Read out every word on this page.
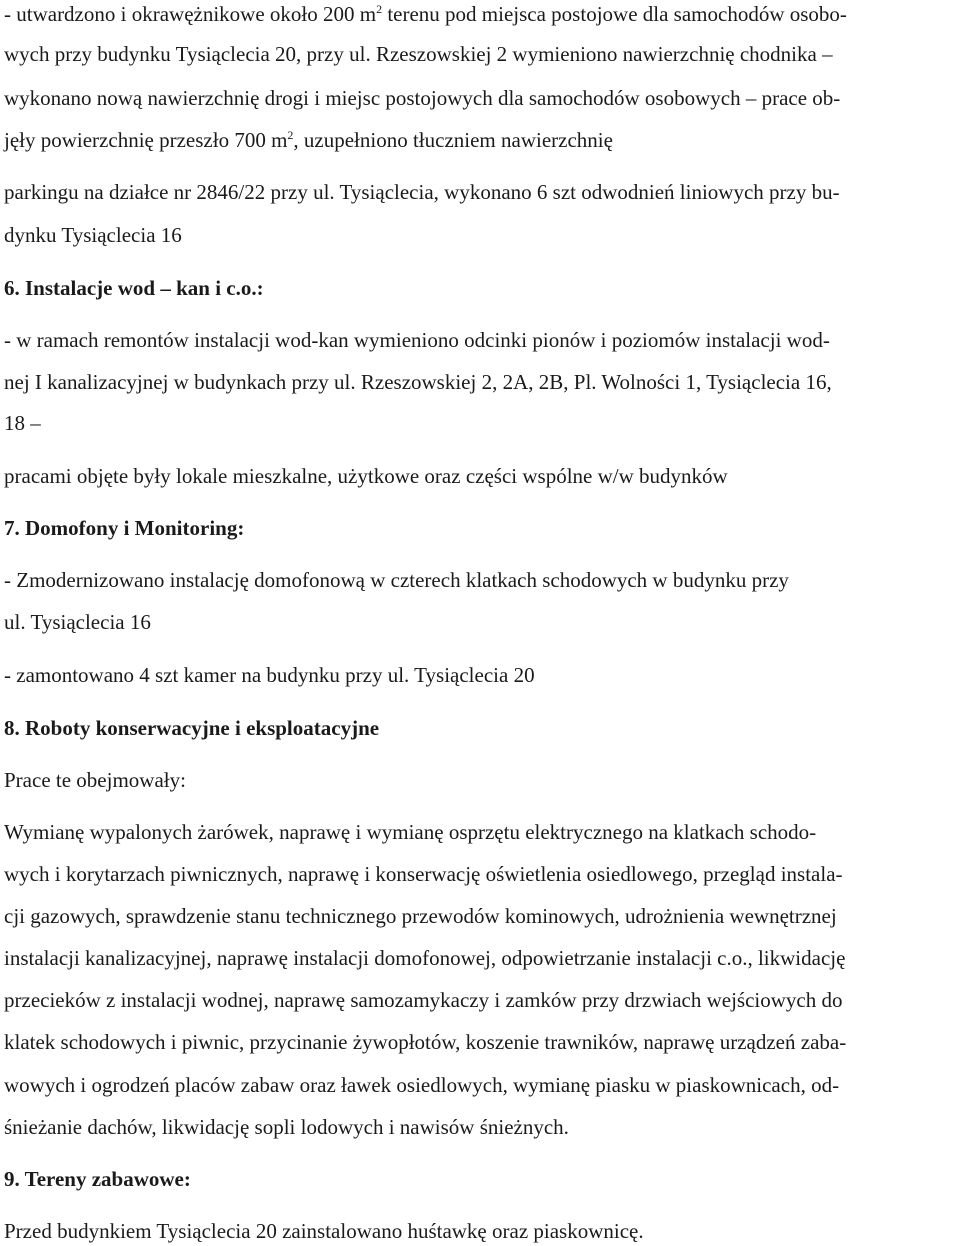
- utwardzono i okrawężnikowe około 200 $m^2$ terenu pod miejsca postojowe dla samochodów osobo-
wych przy budynku Tysiąclecia 20, przy ul. Rzeszowskiej 2 wymieniono nawierzchnię chodnika –
wykonano nową nawierzchnię drogi i miejsc postojowych dla samochodów osobowych – prace ob-
jęły powierzchnię przeszło 700 $m^2$, uzupełniono tłuczniem nawierzchnię
parkingu na działce nr 2846/22 przy ul. Tysiąclecia, wykonano 6 szt odwodnień liniowych przy bu-
dynku Tysiąclecia 16
6. Instalacje wod – kan i c.o.:
- w ramach remontów instalacji wod-kan wymieniono odcinki pionów i poziomów instalacji wod-
nej I kanalizacyjnej w budynkach przy ul. Rzeszowskiej 2, 2A, 2B, Pl. Wolności 1, Tysiąclecia 16,
18 –
pracami objęte były lokale mieszkalne, użytkowe oraz części wspólne w/w budynków
7. Domofony i Monitoring:
- Zmodernizowano instalację domofonową w czterech klatkach schodowych w budynku przy
ul. Tysiąclecia 16
- zamontowano 4 szt kamer na budynku przy ul. Tysiąclecia 20
8. Roboty konserwacyjne i eksploatacyjne
Prace te obejmowały:
Wymianę wypalonych żarówek, naprawę i wymianę osprzętu elektrycznego na klatkach schodo-
wych i korytarzach piwnicznych, naprawę i konserwację oświetlenia osiedlowego, przegląd instala-
cji gazowych, sprawdzenie stanu technicznego przewodów kominowych, udrożnienia wewnętrznej
instalacji kanalizacyjnej, naprawę instalacji domofonowej, odpowietrzanie instalacji c.o., likwidację
przecieków z instalacji wodnej, naprawę samozamykaczy i zamków przy drzwiach wejściowych do
klatek schodowych i piwnic, przycinanie żywopłotów, koszenie trawników, naprawę urządzeń zaba-
wowych i ogrodzeń placów zabaw oraz ławek osiedlowych, wymianę piasku w piaskownicach, od-
śnieżanie dachów, likwidację sopli lodowych i nawisów śnieżnych.
9. Tereny zabawowe:
Przed budynkiem Tysiąclecia 20 zainstalowano huśtawkę oraz piaskownicę.
